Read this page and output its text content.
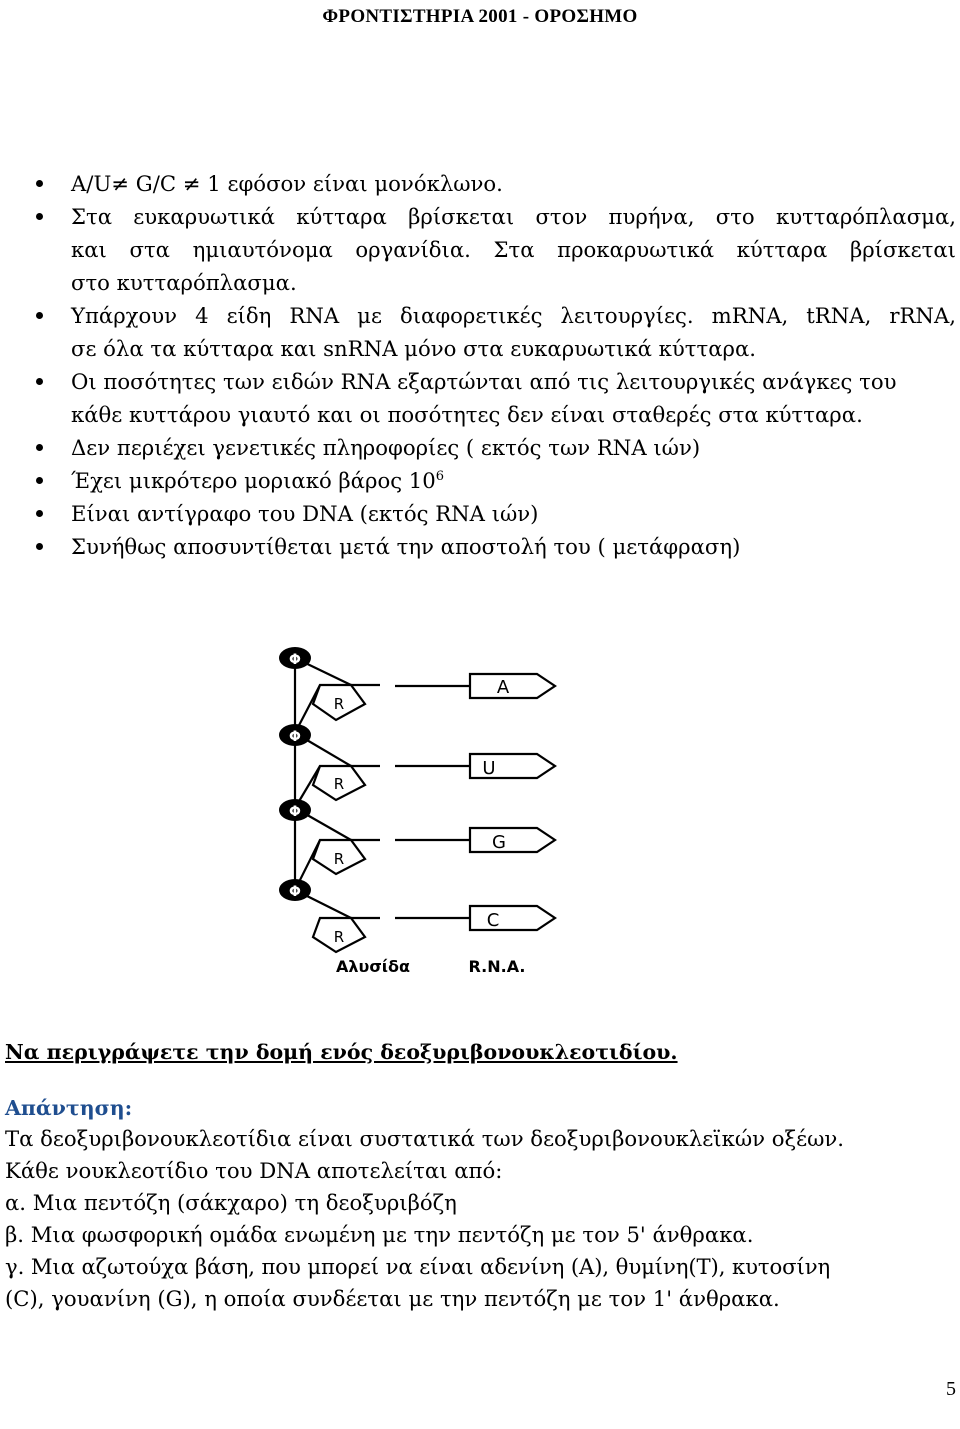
ΦΡΟΝΤΙΣΤΗΡΙΑ 2001 - ΟΡΟΣΗΜΟ
A/U≠ G/C ≠ 1 εφόσον είναι μονόκλωνο.
Στα ευκαρυωτικά κύτταρα βρίσκεται στον πυρήνα, στο κυτταρόπλασμα,
και στα ημιαυτόνομα οργανίδια. Στα προκαρυωτικά κύτταρα βρίσκεται
στο κυτταρόπλασμα.
Υπάρχουν 4 είδη RNA με διαφορετικές λειτουργίες. mRNA, tRNA, rRNA,
σε όλα τα κύτταρα και snRNA μόνο στα ευκαρυωτικά κύτταρα.
Οι ποσότητες των ειδών RNA εξαρτώνται από τις λειτουργικές ανάγκες του
κάθε κυττάρου γιαυτό και οι ποσότητες δεν είναι σταθερές στα κύτταρα.
Δεν περιέχει γενετικές πληροφορίες ( εκτός των RNA ιών)
Έχει μικρότερο μοριακό βάρος $10^6$
Είναι αντίγραφο του DNA (εκτός RNA ιών)
Συνήθως αποσυντίθεται μετά την αποστολή του ( μετάφραση)
Φ
Φ
Φ
Φ
R
R
R
R
A
U
G
C
Αλυσίδα	R.N.A.
Να περιγράψετε την δομή ενός δεοξυριβονουκλεοτιδίου.
Απάντηση:

Τα δεοξυριβονουκλεοτίδια είναι συστατικά των δεοξυριβονουκλεϊκών οξέων.

Κάθε νουκλεοτίδιο του DNA αποτελείται από:

α. Μια πεντόζη (σάκχαρο) τη δεοξυριβόζη

β. Μια φωσφορική ομάδα ενωμένη με την πεντόζη με τον 5' άνθρακα.

γ. Μια αζωτούχα βάση, που μπορεί να είναι αδενίνη (Α), θυμίνη(Τ), κυτοσίνη

(C), γουανίνη (G), η οποία συνδέεται με την πεντόζη με τον 1' άνθρακα.

5
